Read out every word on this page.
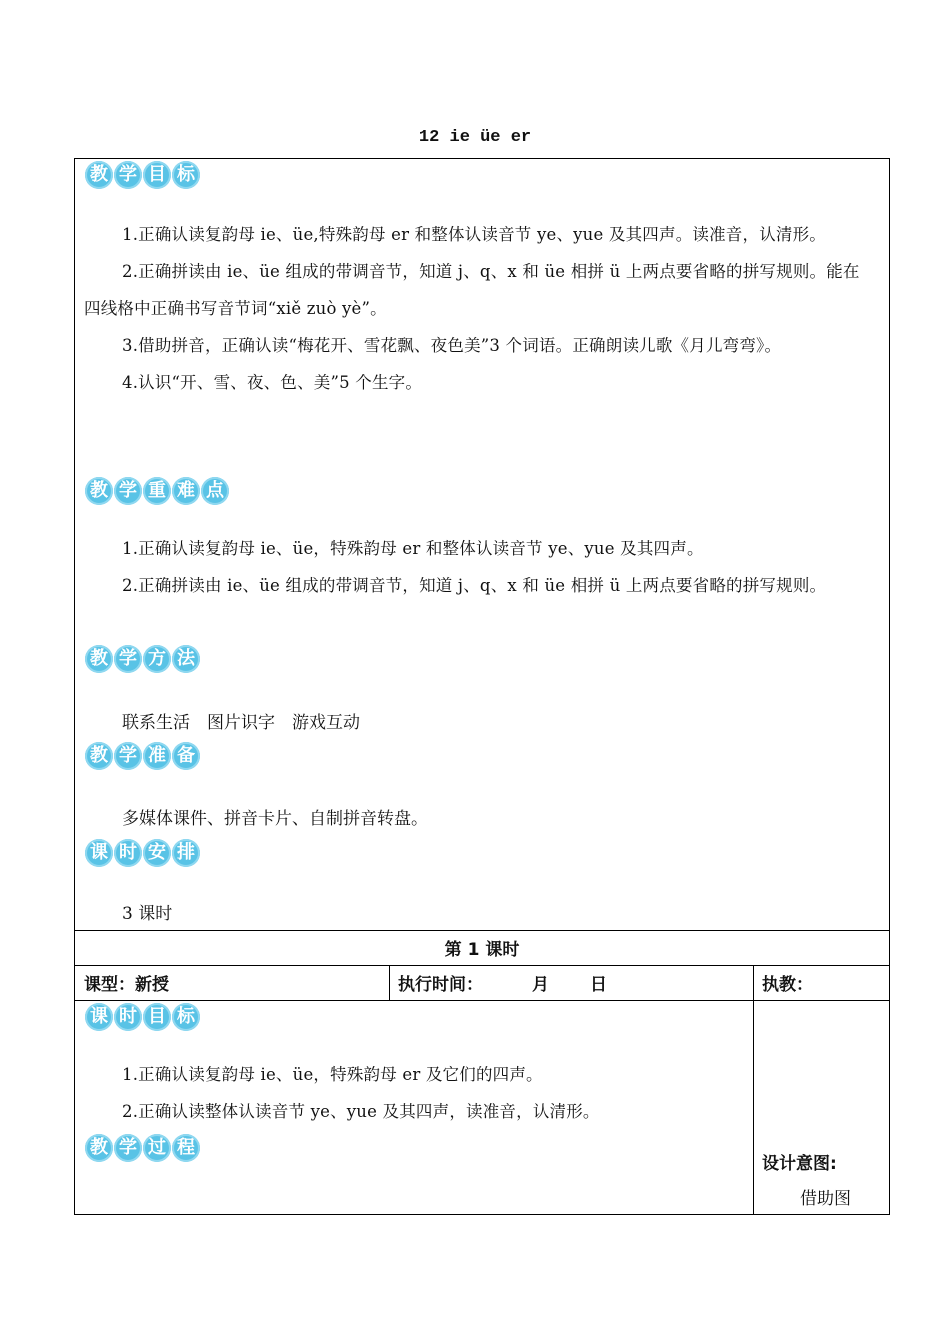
12 ie üe er
教 学 目 标

1.正确认读复韵母 ie、üe,特殊韵母 er 和整体认读音节 ye、yue 及其四声。读准音，认清形。

2.正确拼读由 ie、üe 组成的带调音节，知道 j、q、x 和 üe 相拼 ü 上两点要省略的拼写规则。能在四线格中正确书写音节词“xiě zuò yè”。

3.借助拼音，正确认读“梅花开、雪花飘、夜色美”3 个词语。正确朗读儿歌《月儿弯弯》。

4.认识“开、雪、夜、色、美”5 个生字。

教 学 重 难 点

1.正确认读复韵母 ie、üe，特殊韵母 er 和整体认读音节 ye、yue 及其四声。

2.正确拼读由 ie、üe 组成的带调音节，知道 j、q、x 和 üe 相拼 ü 上两点要省略的拼写规则。

教 学 方 法
联系生活　图片识字　游戏互动
教 学 准 备
多媒体课件、拼音卡片、自制拼音转盘。
课 时 安 排
3 课时
第 1 课时
课型：新授	执行时间：	月 日	执教：
课 时 目 标

1.正确认读复韵母 ie、üe，特殊韵母 er 及它们的四声。

2.正确认读整体认读音节 ye、yue 及其四声，读准音，认清形。

教 学 过 程
设计意图:
借助图
